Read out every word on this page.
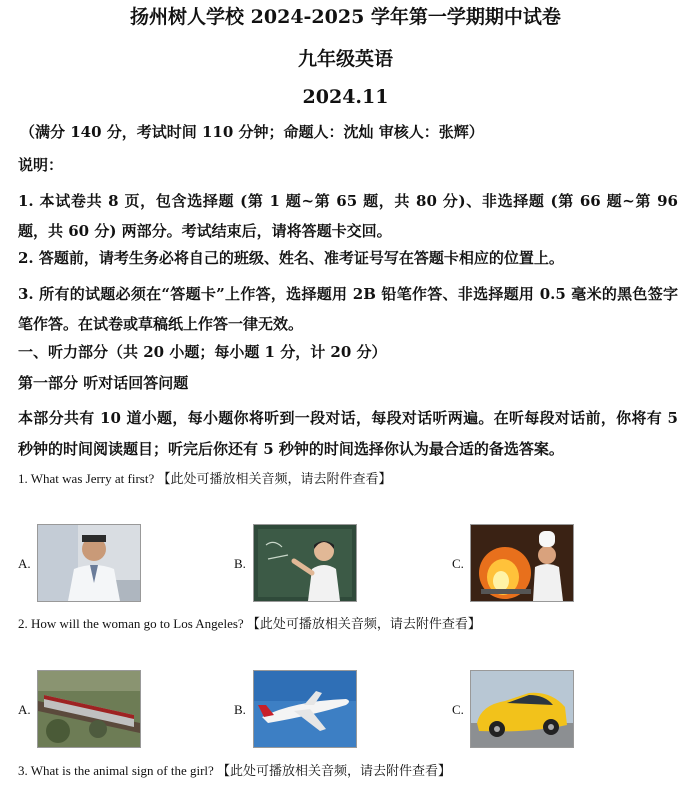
扬州树人学校 2024-2025 学年第一学期期中试卷
九年级英语
2024.11
（满分 140 分，考试时间 110 分钟；命题人：沈灿 审核人：张辉）
说明：
1. 本试卷共 8 页，包含选择题 (第 1 题~第 65 题，共 80 分)、非选择题 (第 66 题~第 96 题，共 60 分) 两部分。考试结束后，请将答题卡交回。
2. 答题前，请考生务必将自己的班级、姓名、准考证号写在答题卡相应的位置上。
3. 所有的试题必须在“答题卡”上作答，选择题用 2B 铅笔作答、非选择题用 0.5 毫米的黑色签字笔作答。在试卷或草稿纸上作答一律无效。
一、听力部分（共 20 小题；每小题 1 分，计 20 分）
第一部分 听对话回答问题
本部分共有 10 道小题，每小题你将听到一段对话，每段对话听两遍。在听每段对话前，你将有 5 秒钟的时间阅读题目；听完后你还有 5 秒钟的时间选择你认为最合适的备选答案。
1. What was Jerry at first? 【此处可播放相关音频，请去附件查看】
A.	B.	C.
2. How will the woman go to Los Angeles? 【此处可播放相关音频，请去附件查看】
A.	B.	C.
3. What is the animal sign of the girl? 【此处可播放相关音频，请去附件查看】
